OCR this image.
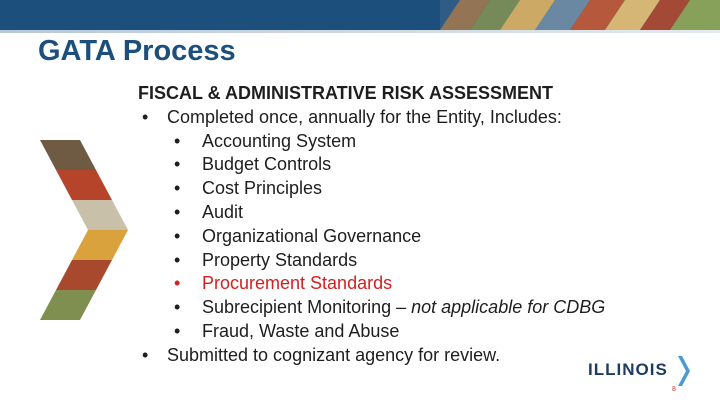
GATA Process

FISCAL & ADMINISTRATIVE RISK ASSESSMENT

• Completed once, annually for the Entity, Includes:
• Accounting System
• Budget Controls
• Cost Principles
• Audit
• Organizational Governance
• Property Standards
• Procurement Standards
• Subrecipient Monitoring – not applicable for CDBG
• Fraud, Waste and Abuse
• Submitted to cognizant agency for review.
ILLINOIS
8
